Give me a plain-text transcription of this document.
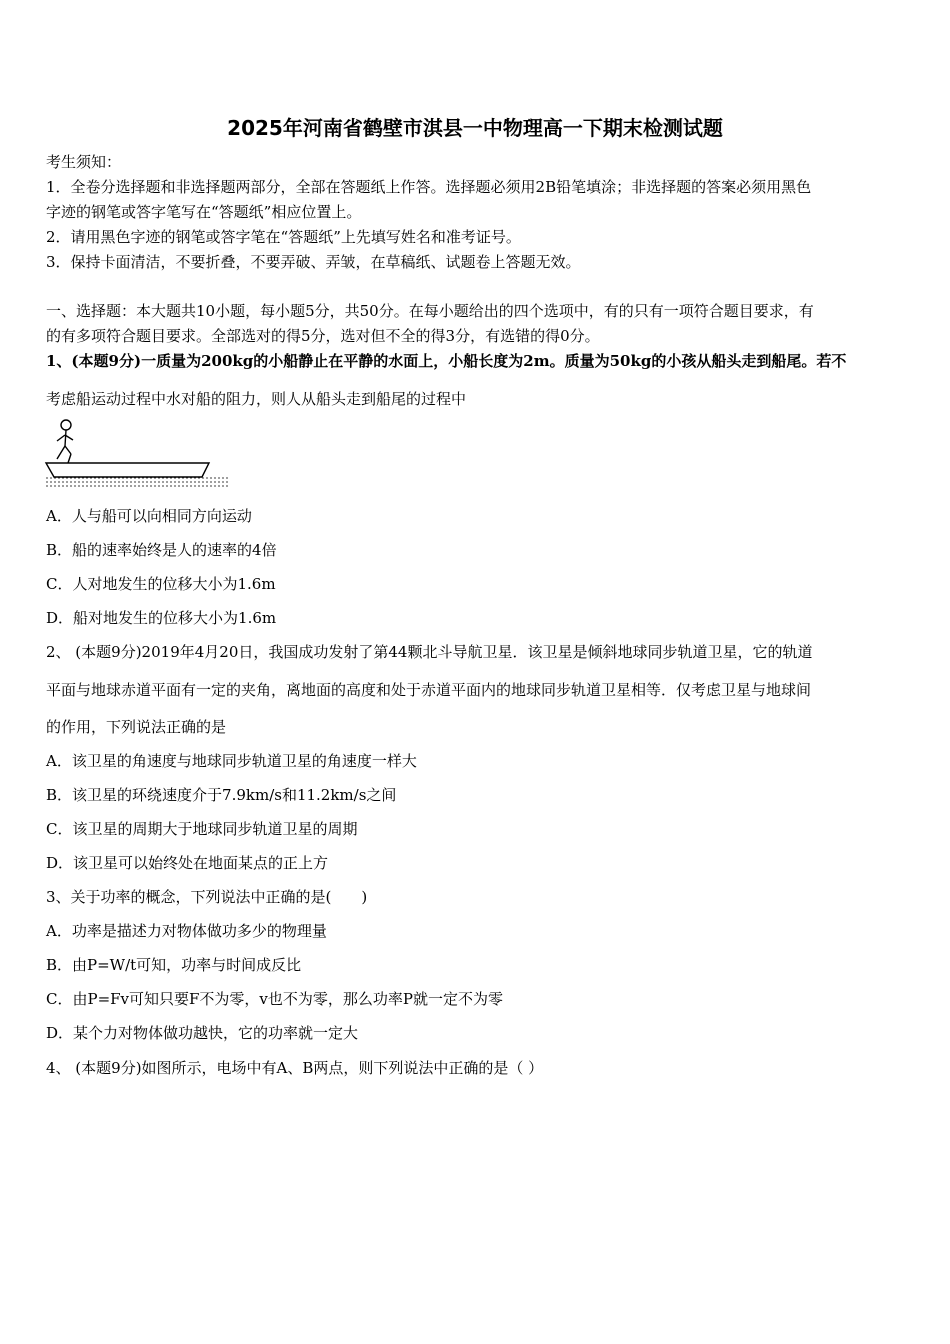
2025年河南省鹤壁市淇县一中物理高一下期末检测试题
考生须知：
1．全卷分选择题和非选择题两部分，全部在答题纸上作答。选择题必须用2B铅笔填涂；非选择题的答案必须用黑色
字迹的钢笔或答字笔写在“答题纸”相应位置上。
2．请用黑色字迹的钢笔或答字笔在“答题纸”上先填写姓名和准考证号。
3．保持卡面清洁，不要折叠，不要弄破、弄皱，在草稿纸、试题卷上答题无效。
一、选择题：本大题共10小题，每小题5分，共50分。在每小题给出的四个选项中，有的只有一项符合题目要求，有
的有多项符合题目要求。全部选对的得5分，选对但不全的得3分，有选错的得0分。
1、(本题9分)一质量为200kg的小船静止在平静的水面上，小船长度为2m。质量为50kg的小孩从船头走到船尾。若不
考虑船运动过程中水对船的阻力，则人从船头走到船尾的过程中
A．人与船可以向相同方向运动
B．船的速率始终是人的速率的4倍
C．人对地发生的位移大小为1.6m
D．船对地发生的位移大小为1.6m
2、 (本题9分)2019年4月20日，我国成功发射了第44颗北斗导航卫星．该卫星是倾斜地球同步轨道卫星，它的轨道
平面与地球赤道平面有一定的夹角，离地面的高度和处于赤道平面内的地球同步轨道卫星相等．仅考虑卫星与地球间
的作用，下列说法正确的是
A．该卫星的角速度与地球同步轨道卫星的角速度一样大
B．该卫星的环绕速度介于7.9km/s和11.2km/s之间
C．该卫星的周期大于地球同步轨道卫星的周期
D．该卫星可以始终处在地面某点的正上方
3、关于功率的概念，下列说法中正确的是(　　)
A．功率是描述力对物体做功多少的物理量
B．由P=W/t可知，功率与时间成反比
C．由P=Fv可知只要F不为零，v也不为零，那么功率P就一定不为零
D．某个力对物体做功越快，它的功率就一定大
4、 (本题9分)如图所示，电场中有A、B两点，则下列说法中正确的是（ ）
